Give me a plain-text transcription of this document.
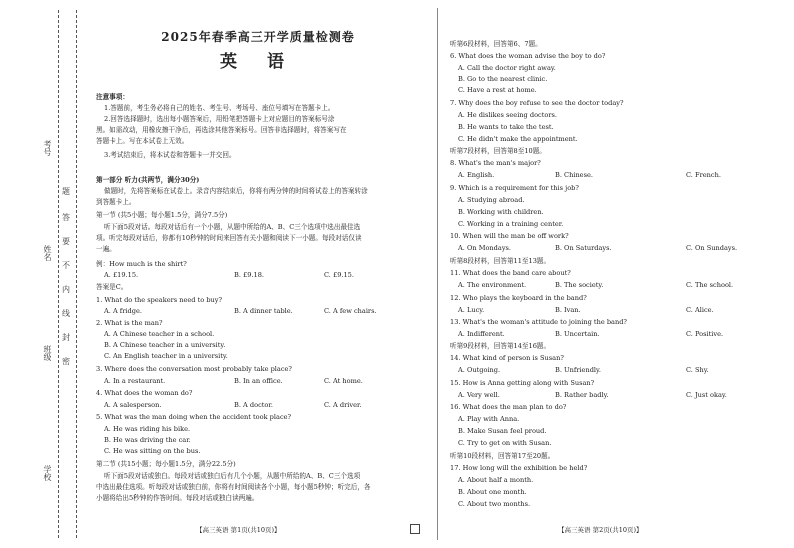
考号
姓名
班级
学校
题
答
要
不
内
线
封
密
2025年春季高三开学质量检测卷
英 语
注意事项：
1.答题前，考生务必将自己的姓名、考生号、考场号、座位号填写在答题卡上。
2.回答选择题时，选出每小题答案后，用铅笔把答题卡上对应题目的答案标号涂
黑。如需改动，用橡皮擦干净后，再选涂其他答案标号。回答非选择题时，将答案写在
答题卡上。写在本试卷上无效。
3.考试结束后，将本试卷和答题卡一并交回。
第一部分 听力(共两节，满分30分)
做题时，先将答案标在试卷上。录音内容结束后，你将有两分钟的时间将试卷上的答案转涂
到答题卡上。
第一节 (共5小题；每小题1.5分，满分7.5分)
听下面5段对话。每段对话后有一个小题，从题中所给的A、B、C三个选项中选出最佳选
项。听完每段对话后，你都有10秒钟的时间来回答有关小题和阅读下一小题。每段对话仅读
一遍。
例：How much is the shirt?
A. £19.15.	B. £9.18.	C. £9.15.
答案是C。
1. What do the speakers need to buy?
A. A fridge.	B. A dinner table.	C. A few chairs.
2. What is the man?
A. A Chinese teacher in a school.
B. A Chinese teacher in a university.
C. An English teacher in a university.
3. Where does the conversation most probably take place?
A. In a restaurant.	B. In an office.	C. At home.
4. What does the woman do?
A. A salesperson.	B. A doctor.	C. A driver.
5. What was the man doing when the accident took place?
A. He was riding his bike.
B. He was driving the car.
C. He was sitting on the bus.
第二节 (共15小题；每小题1.5分，满分22.5分)
听下面5段对话或独白。每段对话或独白后有几个小题，从题中所给的A、B、C三个选项
中选出最佳选项。听每段对话或独白前，你将有时间阅读各个小题，每小题5秒钟；听完后，各
小题将给出5秒钟的作答时间。每段对话或独白读两遍。
【高三英语 第1页(共10页)】
听第6段材料，回答第6、7题。
6. What does the woman advise the boy to do?
A. Call the doctor right away.
B. Go to the nearest clinic.
C. Have a rest at home.
7. Why does the boy refuse to see the doctor today?
A. He dislikes seeing doctors.
B. He wants to take the test.
C. He didn't make the appointment.
听第7段材料，回答第8至10题。
8. What's the man's major?
A. English.	B. Chinese.	C. French.
9. Which is a requirement for this job?
A. Studying abroad.
B. Working with children.
C. Working in a training center.
10. When will the man be off work?
A. On Mondays.	B. On Saturdays.	C. On Sundays.
听第8段材料，回答第11至13题。
11. What does the band care about?
A. The environment.	B. The society.	C. The school.
12. Who plays the keyboard in the band?
A. Lucy.	B. Ivan.	C. Alice.
13. What's the woman's attitude to joining the band?
A. Indifferent.	B. Uncertain.	C. Positive.
听第9段材料，回答第14至16题。
14. What kind of person is Susan?
A. Outgoing.	B. Unfriendly.	C. Shy.
15. How is Anna getting along with Susan?
A. Very well.	B. Rather badly.	C. Just okay.
16. What does the man plan to do?
A. Play with Anna.
B. Make Susan feel proud.
C. Try to get on with Susan.
听第10段材料，回答第17至20题。
17. How long will the exhibition be held?
A. About half a month.
B. About one month.
C. About two months.
【高三英语 第2页(共10页)】
